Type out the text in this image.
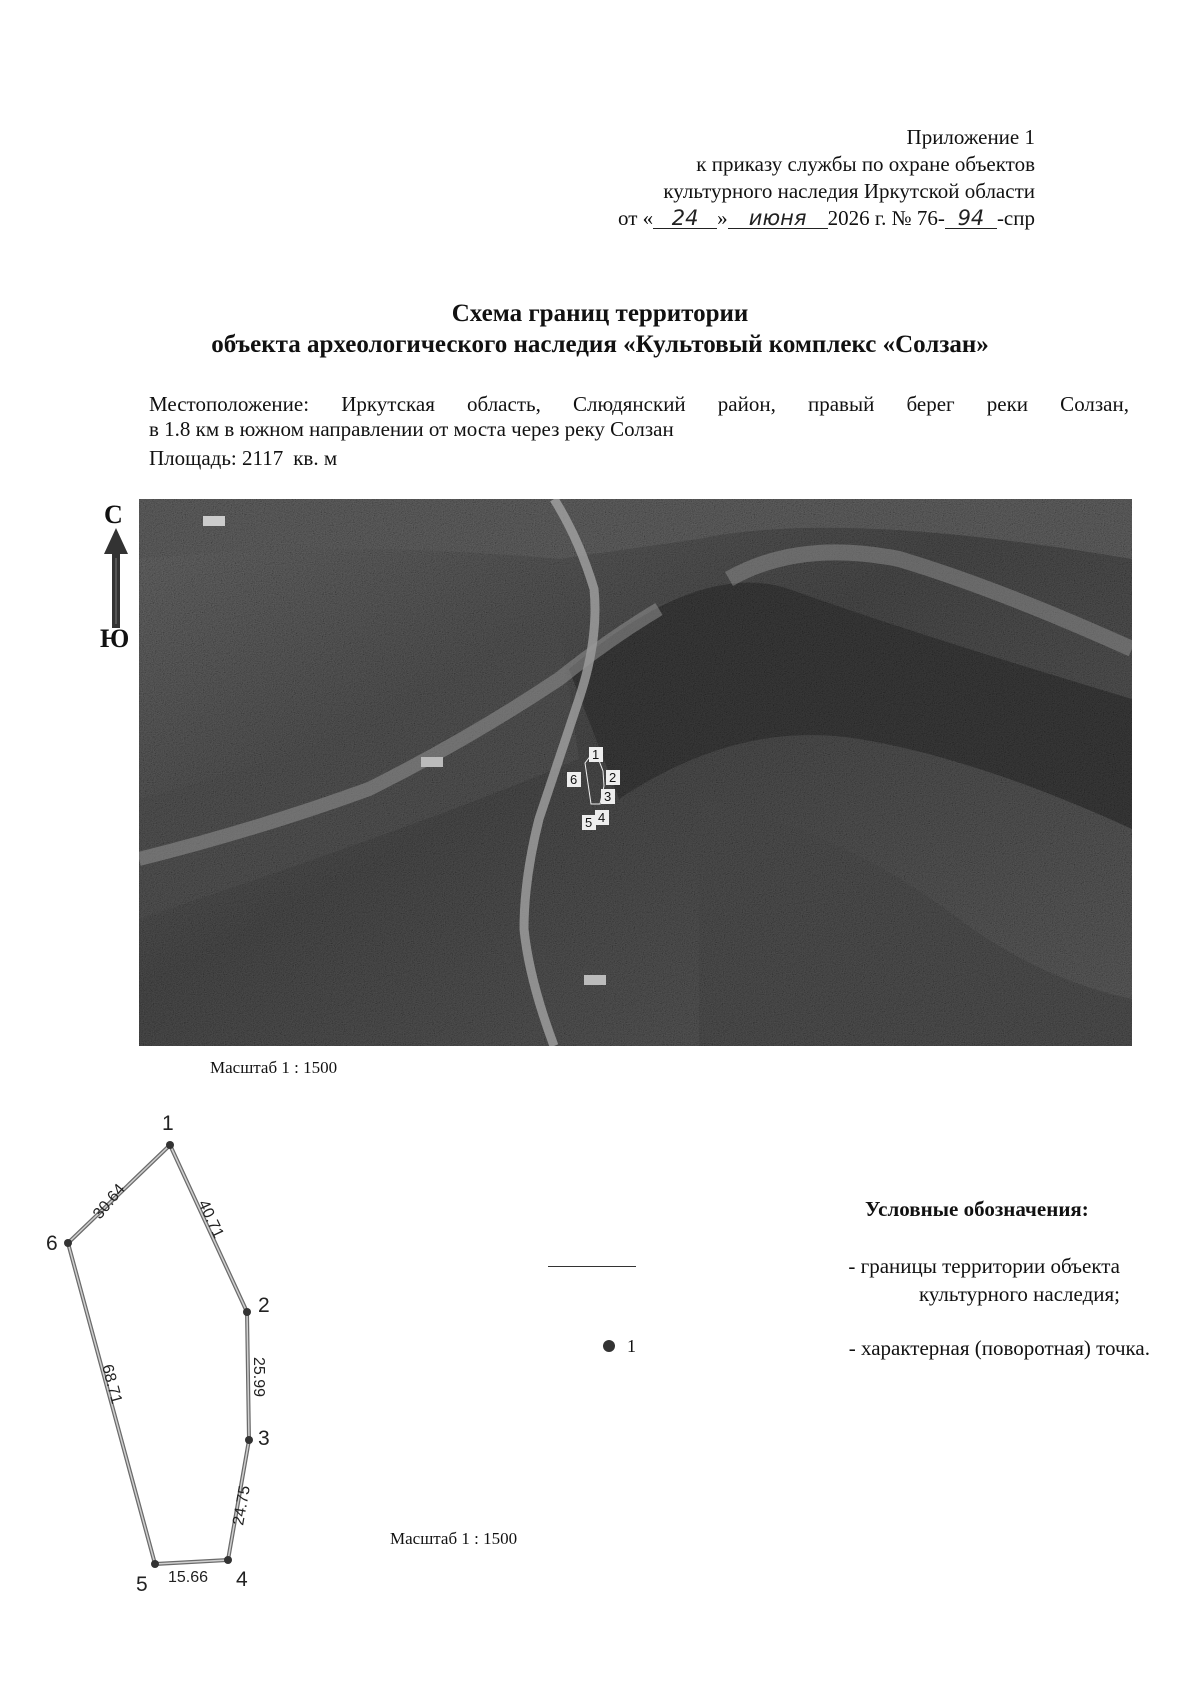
Приложение 1
к приказу службы по охране объектов
культурного наследия Иркутской области
от « 24 » июня 2026 г. № 76- 94 -спр
Схема границ территории
объекта археологического наследия «Культовый комплекс «Солзан»
Местоположение: Иркутская область, Слюдянский район, правый берег реки Солзан,
в 1.8 км в южном направлении от моста через реку Солзан
Площадь: 2117 кв. м
С
Ю
1
2
3
4
5
6
Масштаб 1 : 1500
1
2
3
4
5
6
40.71
25.99
24.75
15.66
68.71
30.64
Масштаб 1 : 1500
Условные обозначения:
- границы территории объекта
культурного наследия;
1	- характерная (поворотная) точка.
